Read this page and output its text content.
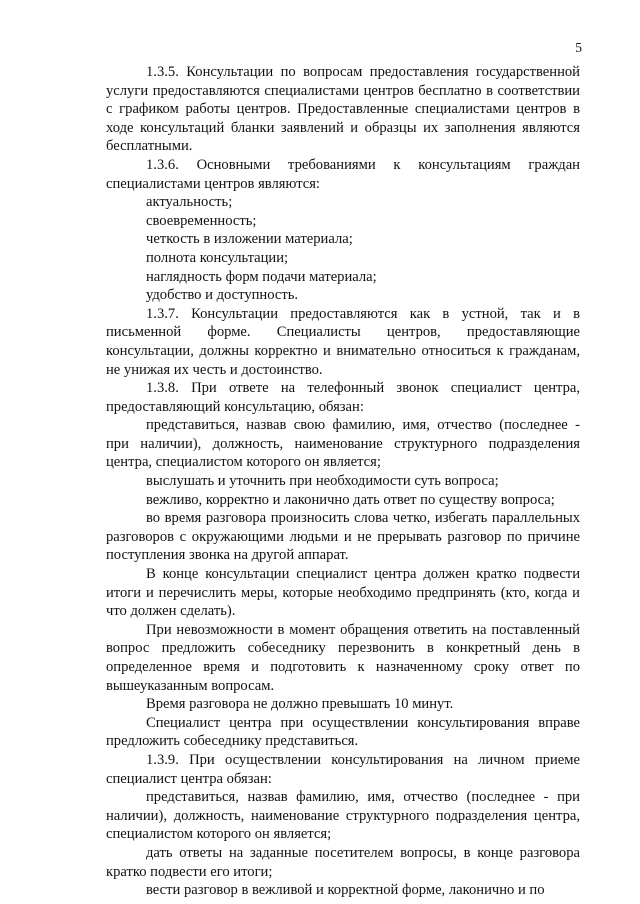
5

1.3.5. Консультации по вопросам предоставления государственной услуги предоставляются специалистами центров бесплатно в соответствии с графиком работы центров. Предоставленные специалистами центров в ходе консультаций бланки заявлений и образцы их заполнения являются бесплатными.

1.3.6. Основными требованиями к консультациям граждан специалистами центров являются:

актуальность;

своевременность;

четкость в изложении материала;

полнота консультации;

наглядность форм подачи материала;

удобство и доступность.

1.3.7. Консультации предоставляются как в устной, так и в письменной форме. Специалисты центров, предоставляющие консультации, должны корректно и внимательно относиться к гражданам, не унижая их честь и достоинство.

1.3.8. При ответе на телефонный звонок специалист центра, предоставляющий консультацию, обязан:

представиться, назвав свою фамилию, имя, отчество (последнее - при наличии), должность, наименование структурного подразделения центра, специалистом которого он является;

выслушать и уточнить при необходимости суть вопроса;

вежливо, корректно и лаконично дать ответ по существу вопроса;

во время разговора произносить слова четко, избегать параллельных разговоров с окружающими людьми и не прерывать разговор по причине поступления звонка на другой аппарат.

В конце консультации специалист центра должен кратко подвести итоги и перечислить меры, которые необходимо предпринять (кто, когда и что должен сделать).

При невозможности в момент обращения ответить на поставленный вопрос предложить собеседнику перезвонить в конкретный день в определенное время и подготовить к назначенному сроку ответ по вышеуказанным вопросам.

Время разговора не должно превышать 10 минут.

Специалист центра при осуществлении консультирования вправе предложить собеседнику представиться.

1.3.9. При осуществлении консультирования на личном приеме специалист центра обязан:

представиться, назвав фамилию, имя, отчество (последнее - при наличии), должность, наименование структурного подразделения центра, специалистом которого он является;

дать ответы на заданные посетителем вопросы, в конце разговора кратко подвести его итоги;

вести разговор в вежливой и корректной форме, лаконично и по
